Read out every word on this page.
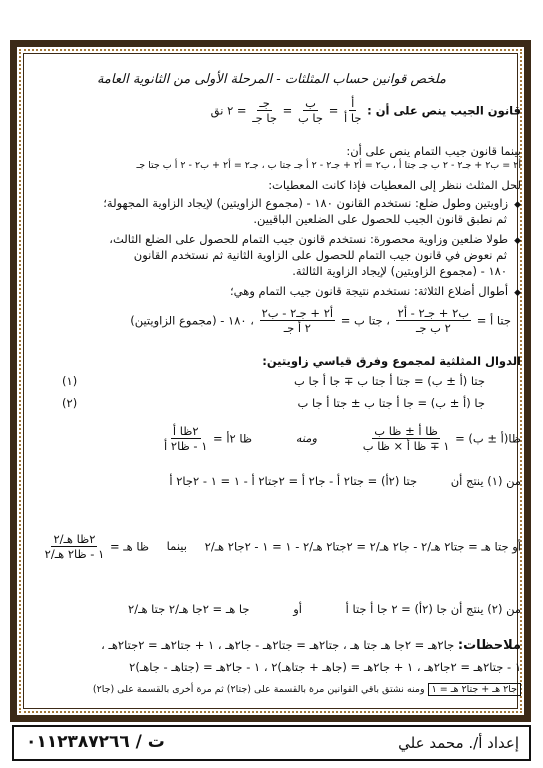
ملخص قوانين حساب المثلثات - المرحلة الأولى من الثانوية العامة
قانون الجيب ينص على أن :
$\frac{\text{أ}}{\text{جا أ}}$
=
$\frac{\text{ب}}{\text{جا ب}}$
=
$\frac{\text{جـ}}{\text{جا جـ}}$
= ٢ نق
بينما قانون جيب التمام ينص على أن:
أ٢ = ب٢ + جـ٢ - ٢ ب جـ جتا أ ، ب٢ = أ٢ + جـ٢ - ٢ أ جـ جتا ب ، جـ٢ = أ٢ + ب٢ - ٢ أ ب جتا جـ
لحل المثلث ننظر إلى المعطيات فإذا كانت المعطيات:
◆ زاويتين وطول ضلع: نستخدم القانون ١٨٠ - (مجموع الزاويتين) لإيجاد الزاوية المجهولة؛
ثم نطبق قانون الجيب للحصول على الضلعين الباقيين.
◆ طولا ضلعين وزاوية محصورة: نستخدم قانون جيب التمام للحصول على الضلع الثالث،
ثم نعوض في قانون جيب التمام للحصول على الزاوية الثانية ثم نستخدم القانون
١٨٠ - (مجموع الزاويتين) لإيجاد الزاوية الثالثة.
◆ أطوال أضلاع الثلاثة: نستخدم نتيجة قانون جيب التمام وهي؛
جتا أ =
$\frac{\text{ب٢ + جـ٢ - أ٢}}{\text{٢ ب جـ}}$
، جتا ب =
$\frac{\text{أ٢ + جـ٢ - ب٢}}{\text{٢ أ جـ}}$
، ١٨٠ - (مجموع الزاويتين)
الدوال المثلثية لمجموع وفرق قياسي زاويتين:
جتا (أ ± ب) = جتا أ جتا ب ∓ جا أ جا ب
(١)
جا (أ ± ب) = جا أ جتا ب ± جتا أ جا ب
(٢)
ظا(أ ± ب) =
$\frac{\text{ظا أ ± ظا ب}}{\text{١ ∓ ظا أ × ظا ب}}$
ومنه ظا ٢أ =
$\frac{\text{٢ظا أ}}{\text{١ - ظا٢ أ}}$
من (١) ينتج أن جتا (٢أ) = جتا٢ أ - جا٢ أ = ٢جتا٢ أ - ١ = ١ - ٢جا٢ أ
أو جتا هـ = جتا٢ هـ/٢ - جا٢ هـ/٢ = ٢جتا٢ هـ/٢ - ١ = ١ - ٢جا٢ هـ/٢ بينما ظا هـ =
$\frac{\text{٢ظا هـ/٢}}{\text{١ - ظا٢ هـ/٢}}$
من (٢) ينتج أن جا (٢أ) = ٢ جا أ جتا أ أو جا هـ = ٢جا هـ/٢ جتا هـ/٢
ملاحظات: جا٢هـ = ٢جا هـ جتا هـ ، جتا٢هـ = جتا٢هـ - جا٢هـ ، ١ + جتا٢هـ = ٢جتا٢هـ ،
١ - جتا٢هـ = ٢جا٢هـ ، ١ + جا٢هـ = (جاهـ + جتاهـ)٢ ، ١ - جا٢هـ = (جتاهـ - جاهـ)٢
جا٢ هـ + جتا٢ هـ = ١ ومنه نشتق باقي القوانين مرة بالقسمة على (جتا٢) ثم مرة أخرى بالقسمة على (جا٢)
إعداد أ/. محمد علي
ت / ٠١١٢٣٨٧٢٦٦
